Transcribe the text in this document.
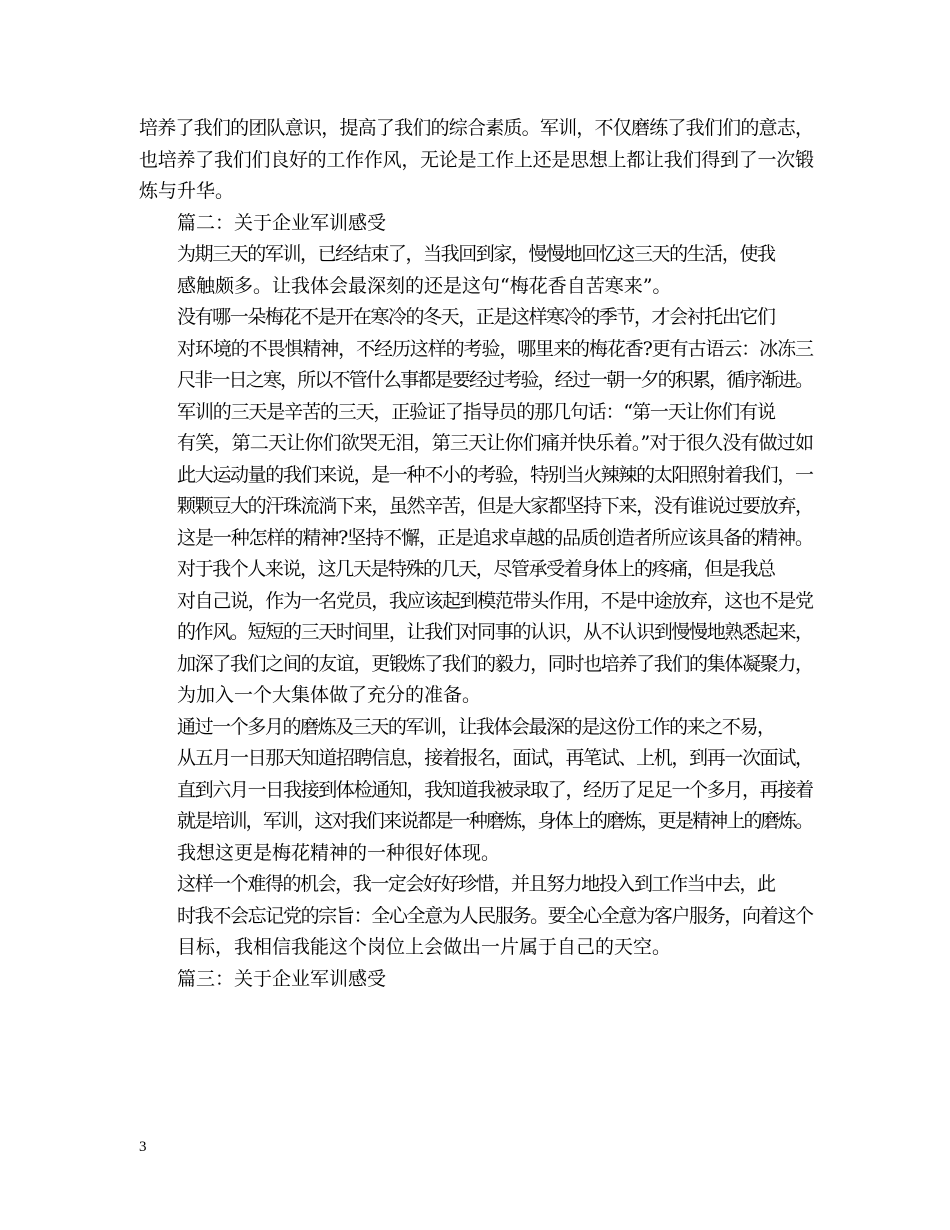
培养了我们的团队意识，提高了我们的综合素质。军训，不仅磨练了我们们的意志，
也培养了我们们良好的工作作风，无论是工作上还是思想上都让我们得到了一次锻
炼与升华。
篇二：关于企业军训感受
为期三天的军训，已经结束了，当我回到家，慢慢地回忆这三天的生活，使我
感触颇多。让我体会最深刻的还是这句“梅花香自苦寒来”。
没有哪一朵梅花不是开在寒冷的冬天，正是这样寒冷的季节，才会衬托出它们
对环境的不畏惧精神，不经历这样的考验，哪里来的梅花香?更有古语云：冰冻三
尺非一日之寒，所以不管什么事都是要经过考验，经过一朝一夕的积累，循序渐进。
军训的三天是辛苦的三天，正验证了指导员的那几句话：“第一天让你们有说
有笑，第二天让你们欲哭无泪，第三天让你们痛并快乐着。”对于很久没有做过如
此大运动量的我们来说，是一种不小的考验，特别当火辣辣的太阳照射着我们，一
颗颗豆大的汗珠流淌下来，虽然辛苦，但是大家都坚持下来，没有谁说过要放弃，
这是一种怎样的精神?坚持不懈，正是追求卓越的品质创造者所应该具备的精神。
对于我个人来说，这几天是特殊的几天，尽管承受着身体上的疼痛，但是我总
对自己说，作为一名党员，我应该起到模范带头作用，不是中途放弃，这也不是党
的作风。短短的三天时间里，让我们对同事的认识，从不认识到慢慢地熟悉起来，
加深了我们之间的友谊，更锻炼了我们的毅力，同时也培养了我们的集体凝聚力，
为加入一个大集体做了充分的准备。
通过一个多月的磨炼及三天的军训，让我体会最深的是这份工作的来之不易，
从五月一日那天知道招聘信息，接着报名，面试，再笔试、上机，到再一次面试，
直到六月一日我接到体检通知，我知道我被录取了，经历了足足一个多月，再接着
就是培训，军训，这对我们来说都是一种磨炼，身体上的磨炼，更是精神上的磨炼。
我想这更是梅花精神的一种很好体现。
这样一个难得的机会，我一定会好好珍惜，并且努力地投入到工作当中去，此
时我不会忘记党的宗旨：全心全意为人民服务。要全心全意为客户服务，向着这个
目标，我相信我能这个岗位上会做出一片属于自己的天空。
篇三：关于企业军训感受
3
